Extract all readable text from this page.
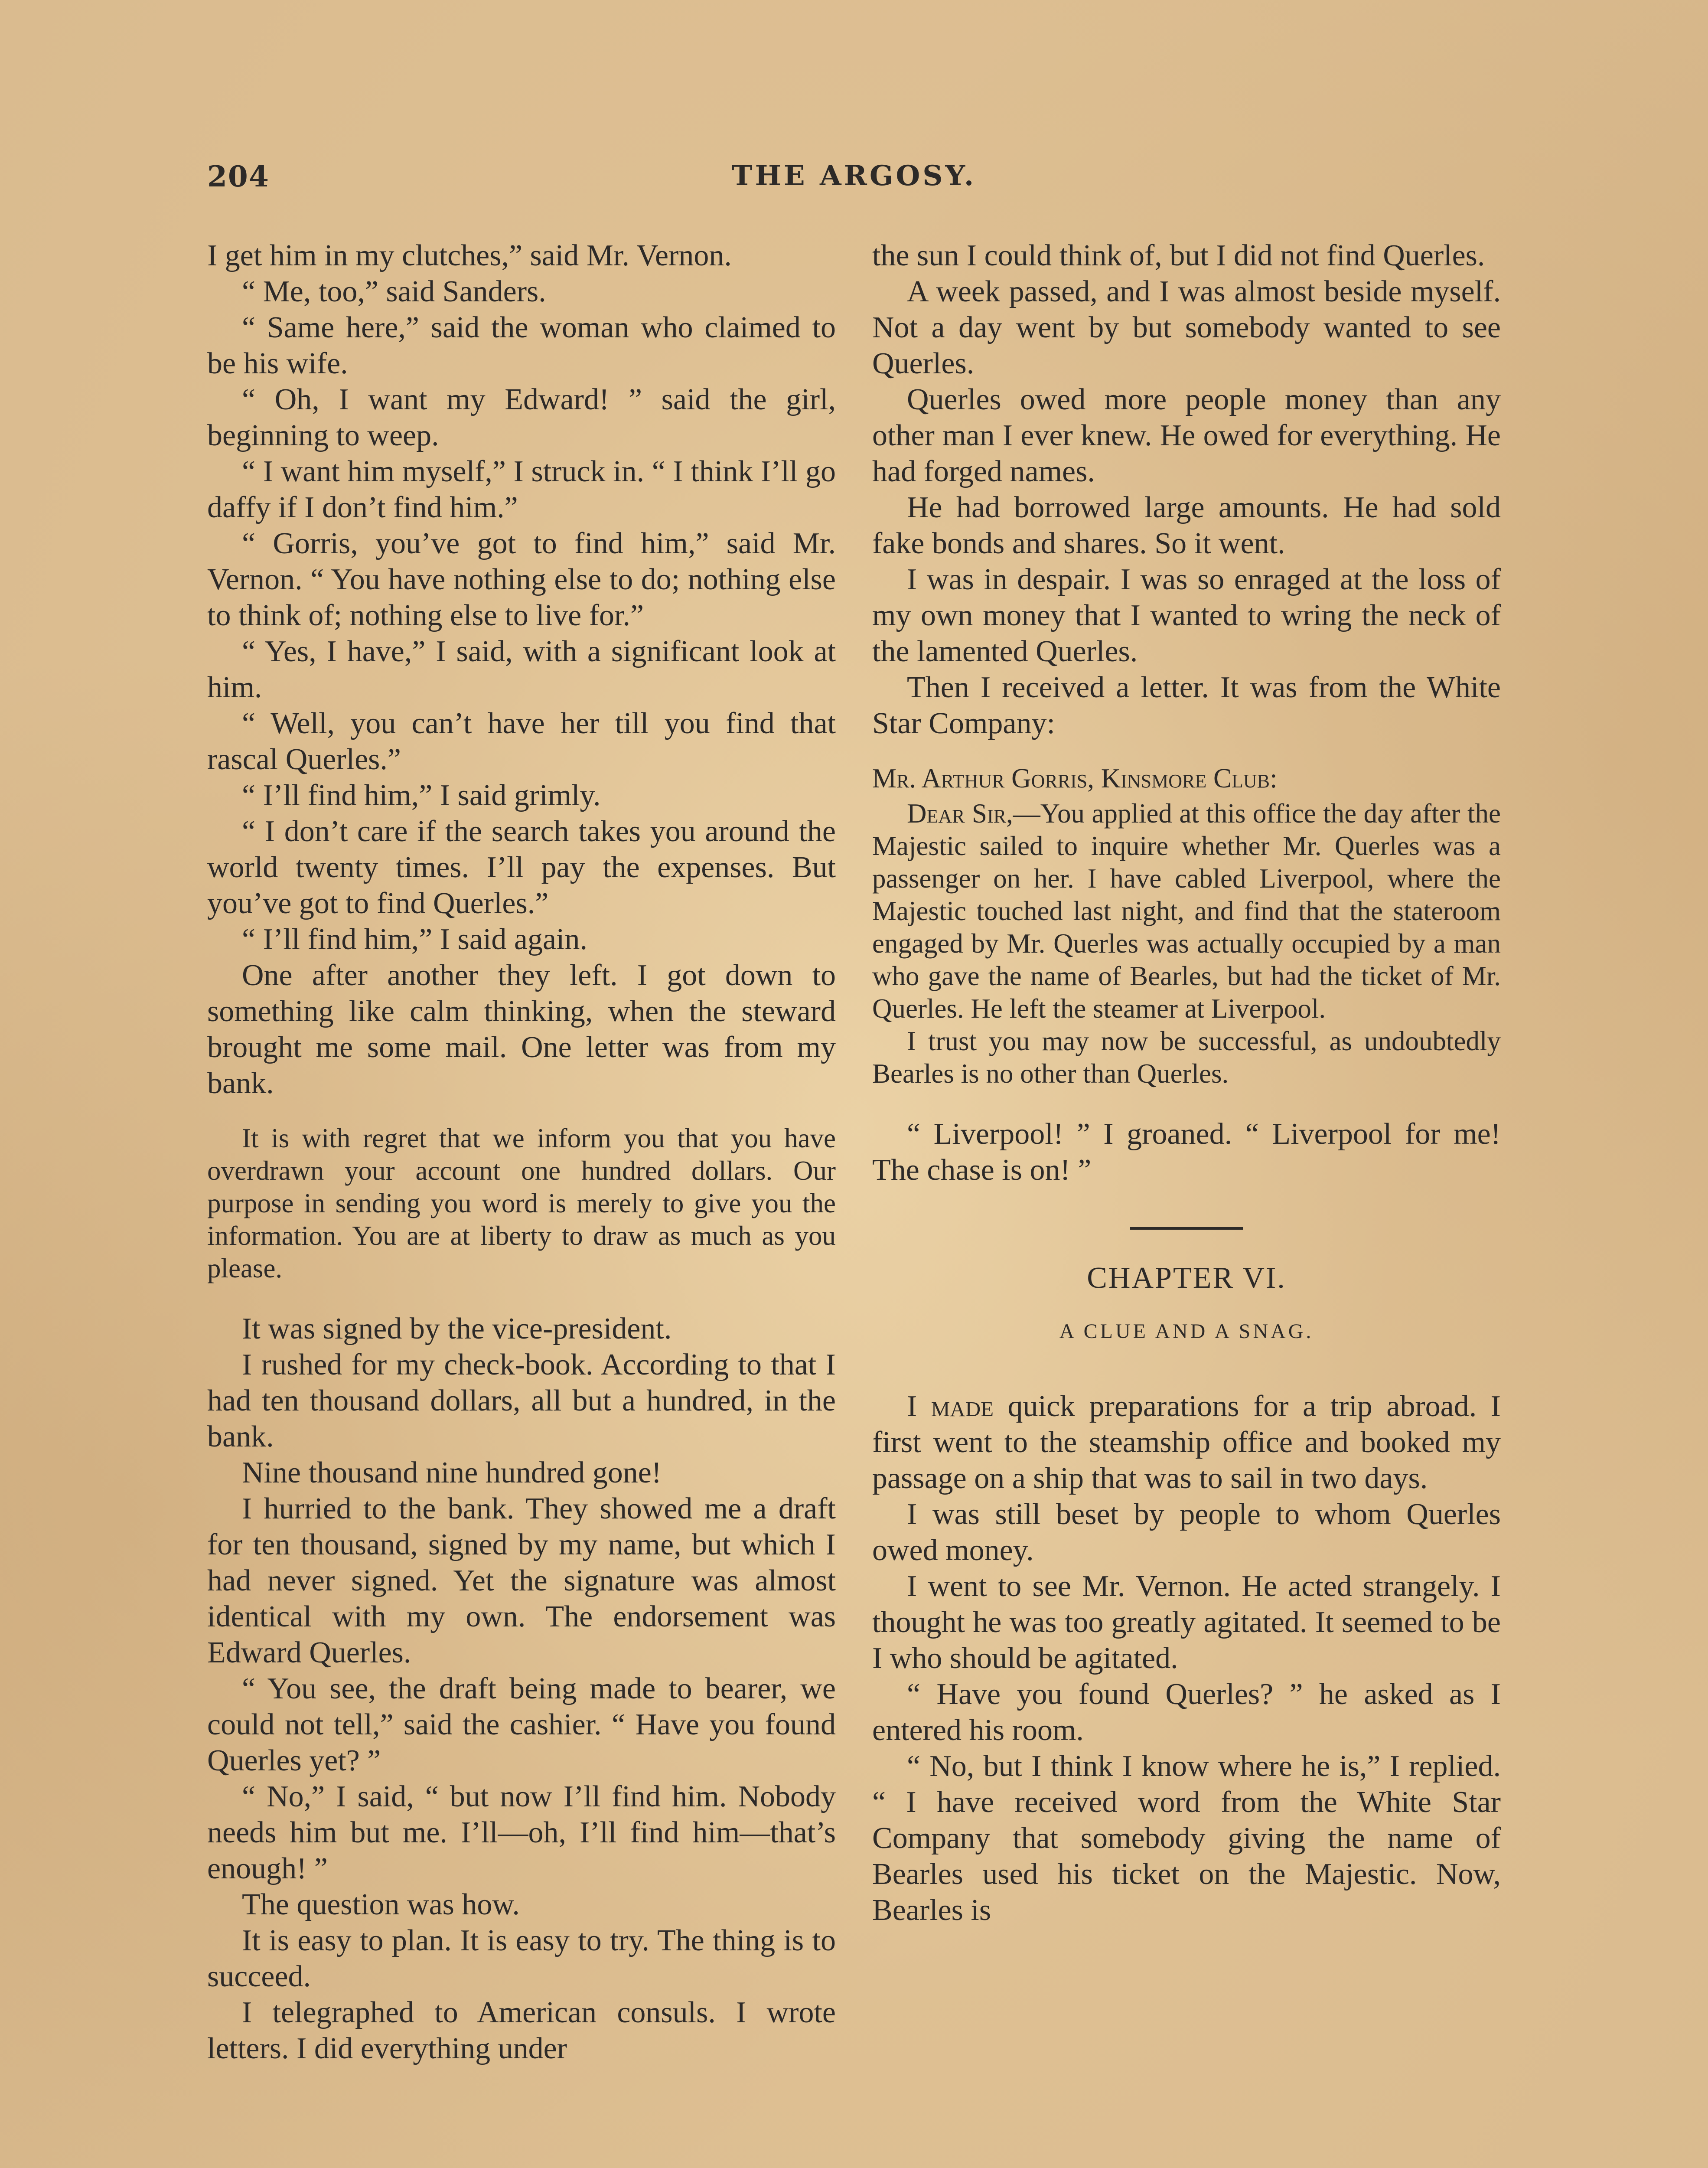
204	THE ARGOSY.

I get him in my clutches,” said Mr. Vernon.

“ Me, too,” said Sanders.

“ Same here,” said the woman who claimed to be his wife.

“ Oh, I want my Edward! ” said the girl, beginning to weep.

“ I want him myself,” I struck in. “ I think I’ll go daffy if I don’t find him.”

“ Gorris, you’ve got to find him,” said Mr. Vernon. “ You have nothing else to do; nothing else to think of; nothing else to live for.”

“ Yes, I have,” I said, with a significant look at him.

“ Well, you can’t have her till you find that rascal Querles.”

“ I’ll find him,” I said grimly.

“ I don’t care if the search takes you around the world twenty times. I’ll pay the expenses. But you’ve got to find Querles.”

“ I’ll find him,” I said again.

One after another they left. I got down to something like calm thinking, when the steward brought me some mail. One letter was from my bank.

It is with regret that we inform you that you have overdrawn your account one hundred dollars. Our purpose in sending you word is merely to give you the information. You are at liberty to draw as much as you please.

It was signed by the vice-president.

I rushed for my check-book. According to that I had ten thousand dollars, all but a hundred, in the bank.

Nine thousand nine hundred gone!

I hurried to the bank. They showed me a draft for ten thousand, signed by my name, but which I had never signed. Yet the signature was almost identical with my own. The endorsement was Edward Querles.

“ You see, the draft being made to bearer, we could not tell,” said the cashier. “ Have you found Querles yet? ”

“ No,” I said, “ but now I’ll find him. Nobody needs him but me. I’ll—oh, I’ll find him—that’s enough! ”

The question was how.

It is easy to plan. It is easy to try. The thing is to succeed.

I telegraphed to American consuls. I wrote letters. I did everything under

the sun I could think of, but I did not find Querles.

A week passed, and I was almost beside myself. Not a day went by but somebody wanted to see Querles.

Querles owed more people money than any other man I ever knew. He owed for everything. He had forged names.

He had borrowed large amounts. He had sold fake bonds and shares. So it went.

I was in despair. I was so enraged at the loss of my own money that I wanted to wring the neck of the lamented Querles.

Then I received a letter. It was from the White Star Company:

Mr. Arthur Gorris, Kinsmore Club:

Dear Sir,—You applied at this office the day after the Majestic sailed to inquire whether Mr. Querles was a passenger on her. I have cabled Liverpool, where the Majestic touched last night, and find that the stateroom engaged by Mr. Querles was actually occupied by a man who gave the name of Bearles, but had the ticket of Mr. Querles. He left the steamer at Liverpool.

I trust you may now be successful, as undoubtedly Bearles is no other than Querles.

“ Liverpool! ” I groaned. “ Liverpool for me! The chase is on! ”

CHAPTER VI.
A CLUE AND A SNAG.

I made quick preparations for a trip abroad. I first went to the steamship office and booked my passage on a ship that was to sail in two days.

I was still beset by people to whom Querles owed money.

I went to see Mr. Vernon. He acted strangely. I thought he was too greatly agitated. It seemed to be I who should be agitated.

“ Have you found Querles? ” he asked as I entered his room.

“ No, but I think I know where he is,” I replied. “ I have received word from the White Star Company that somebody giving the name of Bearles used his ticket on the Majestic. Now, Bearles is
